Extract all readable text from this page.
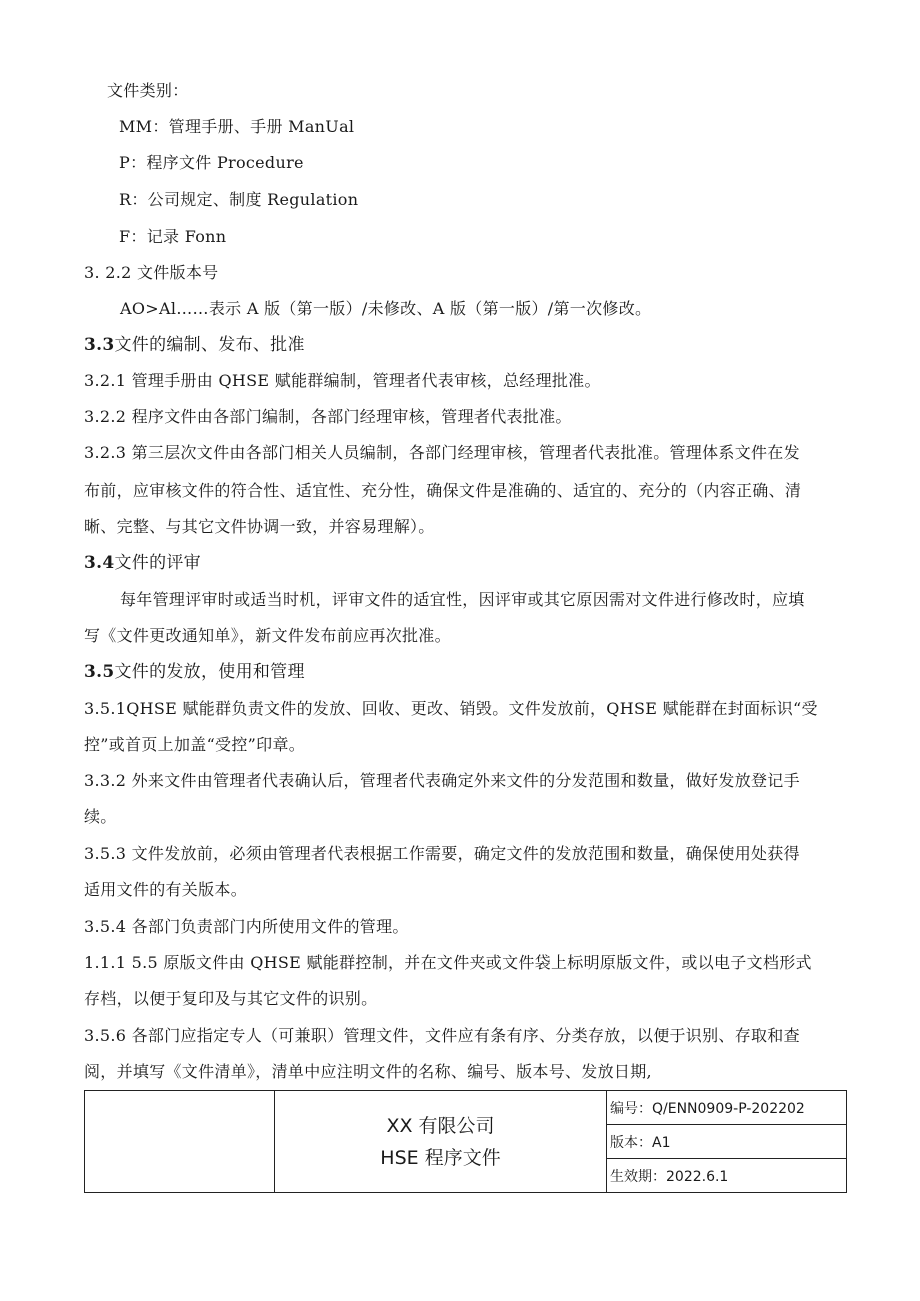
文件类别：
MM：管理手册、手册 ManUal
P：程序文件 Procedure
R：公司规定、制度 Regulation
F：记录 Fonn
3. 2.2 文件版本号
AO>Al……表示 A 版（第一版）/未修改、A 版（第一版）/第一次修改。
3.3文件的编制、发布、批准
3.2.1 管理手册由 QHSE 赋能群编制，管理者代表审核，总经理批准。
3.2.2 程序文件由各部门编制，各部门经理审核，管理者代表批准。
3.2.3 第三层次文件由各部门相关人员编制，各部门经理审核，管理者代表批准。管理体系文件在发
布前，应审核文件的符合性、适宜性、充分性，确保文件是准确的、适宜的、充分的（内容正确、清
晰、完整、与其它文件协调一致，并容易理解）。
3.4文件的评审
每年管理评审时或适当时机，评审文件的适宜性，因评审或其它原因需对文件进行修改时，应填
写《文件更改通知单》，新文件发布前应再次批准。
3.5文件的发放，使用和管理
3.5.1QHSE 赋能群负责文件的发放、回收、更改、销毁。文件发放前，QHSE 赋能群在封面标识“受
控”或首页上加盖“受控”印章。
3.3.2 外来文件由管理者代表确认后，管理者代表确定外来文件的分发范围和数量，做好发放登记手
续。
3.5.3 文件发放前，必须由管理者代表根据工作需要，确定文件的发放范围和数量，确保使用处获得
适用文件的有关版本。
3.5.4 各部门负责部门内所使用文件的管理。
1.1.1 5.5 原版文件由 QHSE 赋能群控制，并在文件夹或文件袋上标明原版文件，或以电子文档形式
存档，以便于复印及与其它文件的识别。
3.5.6 各部门应指定专人（可兼职）管理文件，文件应有条有序、分类存放，以便于识别、存取和查
阅，并填写《文件清单》，清单中应注明文件的名称、编号、版本号、发放日期,

XX 有限公司
HSE 程序文件
	编号：Q/ENN0909-P-202202
版本：A1
生效期：2022.6.1
